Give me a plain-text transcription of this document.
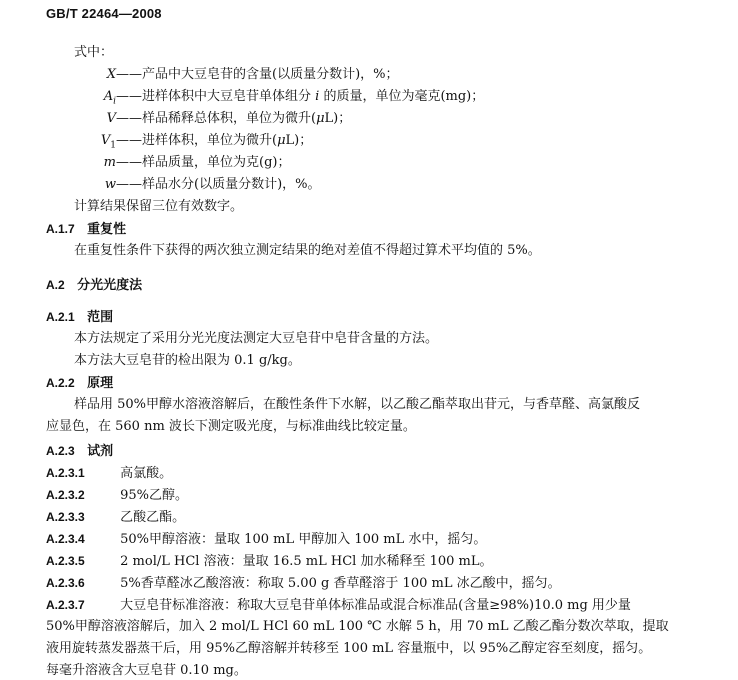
GB/T 22464—2008
式中：
X——产品中大豆皂苷的含量(以质量分数计)，%；
$A_i——$进样体积中大豆皂苷单体组分 i 的质量，单位为毫克(mg)；
V——样品稀释总体积，单位为微升(μL)；
$V_1——$进样体积，单位为微升(μL)；
m——样品质量，单位为克(g)；
w——样品水分(以质量分数计)，%。
计算结果保留三位有效数字。
A.1.7 重复性
在重复性条件下获得的两次独立测定结果的绝对差值不得超过算术平均值的 5%。
A.2 分光光度法
A.2.1 范围
本方法规定了采用分光光度法测定大豆皂苷中皂苷含量的方法。
本方法大豆皂苷的检出限为 0.1 g/kg。
A.2.2 原理
样品用 50%甲醇水溶液溶解后，在酸性条件下水解，以乙酸乙酯萃取出苷元，与香草醛、高氯酸反
应显色，在 560 nm 波长下测定吸光度，与标准曲线比较定量。
A.2.3 试剂
A.2.3.1	高氯酸。
A.2.3.2	95%乙醇。
A.2.3.3	乙酸乙酯。
A.2.3.4	50%甲醇溶液：量取 100 mL 甲醇加入 100 mL 水中，摇匀。
A.2.3.5	2 mol/L HCl 溶液：量取 16.5 mL HCl 加水稀释至 100 mL。
A.2.3.6	5%香草醛冰乙酸溶液：称取 5.00 g 香草醛溶于 100 mL 冰乙酸中，摇匀。
A.2.3.7	大豆皂苷标准溶液：称取大豆皂苷单体标准品或混合标准品(含量≥98%)10.0 mg 用少量
50%甲醇溶液溶解后，加入 2 mol/L HCl 60 mL 100 ℃ 水解 5 h，用 70 mL 乙酸乙酯分数次萃取，提取
液用旋转蒸发器蒸干后，用 95%乙醇溶解并转移至 100 mL 容量瓶中，以 95%乙醇定容至刻度，摇匀。
每毫升溶液含大豆皂苷 0.10 mg。
